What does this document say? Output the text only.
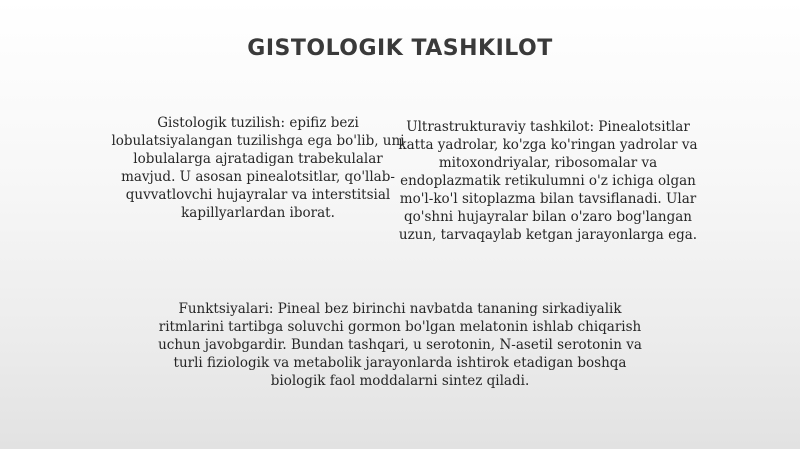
GISTOLOGIK TASHKILOT
Gistologik tuzilish: epifiz bezi lobulatsiyalangan tuzilishga ega bo'lib, uni lobulalarga ajratadigan trabekulalar mavjud. U asosan pinealotsitlar, qo'llab-quvvatlovchi hujayralar va interstitsial kapillyarlardan iborat.
Ultrastrukturaviy tashkilot: Pinealotsitlar katta yadrolar, ko'zga ko'ringan yadrolar va mitoxondriyalar, ribosomalar va endoplazmatik retikulumni o'z ichiga olgan mo'l-ko'l sitoplazma bilan tavsiflanadi. Ular qo'shni hujayralar bilan o'zaro bog'langan uzun, tarvaqaylab ketgan jarayonlarga ega.
Funktsiyalari: Pineal bez birinchi navbatda tananing sirkadiyalik ritmlarini tartibga soluvchi gormon bo'lgan melatonin ishlab chiqarish uchun javobgardir. Bundan tashqari, u serotonin, N-asetil serotonin va turli fiziologik va metabolik jarayonlarda ishtirok etadigan boshqa biologik faol moddalarni sintez qiladi.
